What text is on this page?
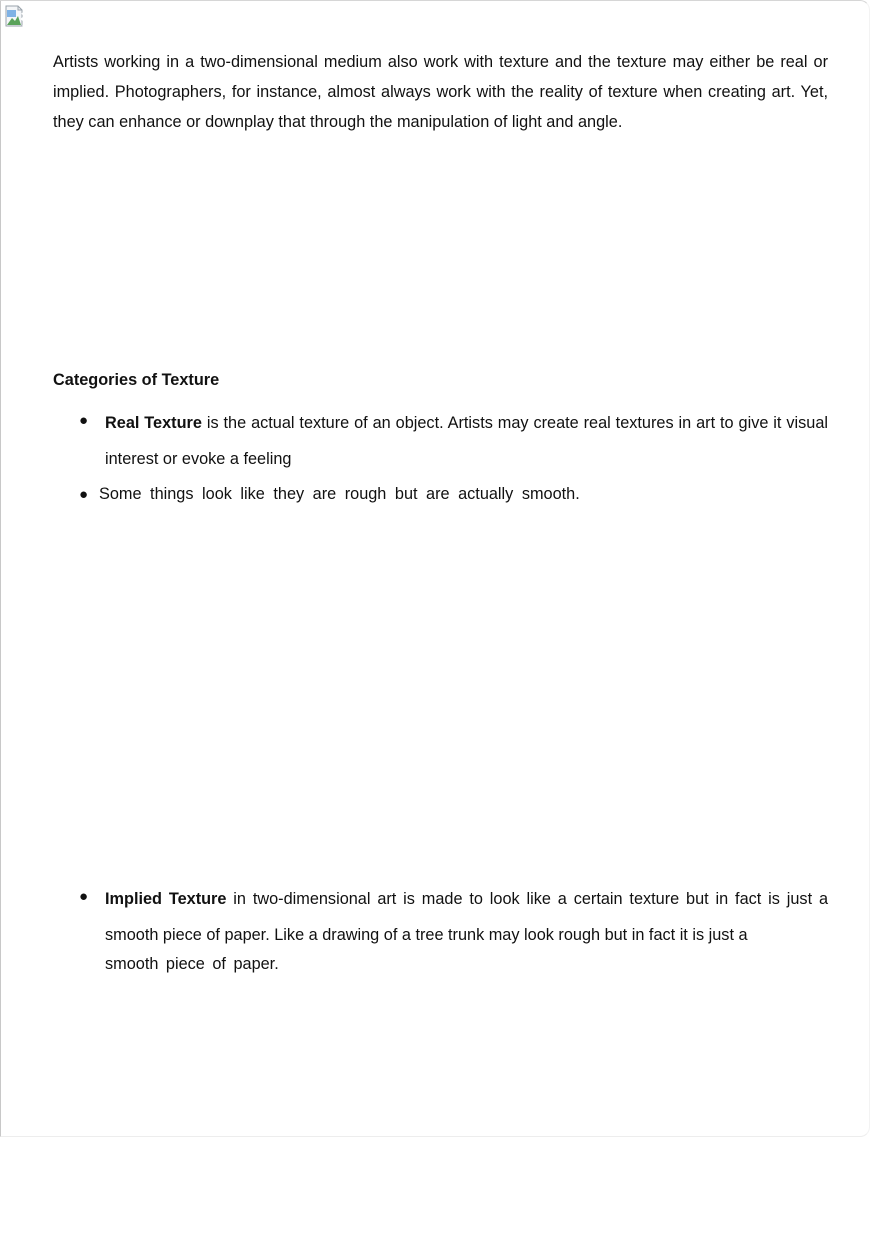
Artists working in a two-dimensional medium also work with texture and the texture may either be real or implied. Photographers, for instance, almost always work with the reality of texture when creating art. Yet, they can enhance or downplay that through the manipulation of light and angle.

Categories of Texture
● Real Texture is the actual texture of an object. Artists may create real textures in art to give it visual interest or evoke a feeling

● Some things look like they are rough but are actually smooth.

● Implied Texture in two-dimensional art is made to look like a certain texture but in fact is just a smooth piece of paper. Like a drawing of a tree trunk may look rough but in fact it is just a
smooth piece of paper.
